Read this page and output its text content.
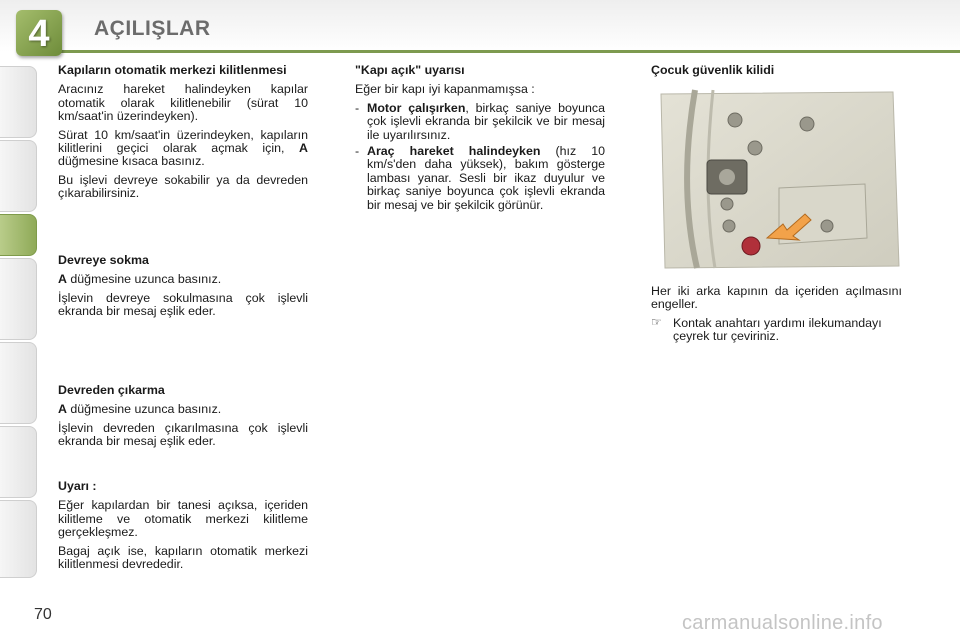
4	AÇILIŞLAR
Kapıların otomatik merkezi kilitlenmesi

Aracınız hareket halindeyken kapılar otomatik olarak kilitlenebilir (sürat 10 km/saat'in üzerindeyken).

Sürat 10 km/saat'in üzerindeyken, kapıların kilitlerini geçici olarak açmak için, A düğmesine kısaca basınız.

Bu işlevi devreye sokabilir ya da devreden çıkarabilirsiniz.

Devreye sokma

A düğmesine uzunca basınız.

İşlevin devreye sokulmasına çok işlevli ekranda bir mesaj eşlik eder.

Devreden çıkarma

A düğmesine uzunca basınız.

İşlevin devreden çıkarılmasına çok işlevli ekranda bir mesaj eşlik eder.

Uyarı :

Eğer kapılardan bir tanesi açıksa, içeriden kilitleme ve otomatik merkezi kilitleme gerçekleşmez.

Bagaj açık ise, kapıların otomatik merkezi kilitlenmesi devrededir.

"Kapı açık" uyarısı

Eğer bir kapı iyi kapanmamışsa :

- Motor çalışırken, birkaç saniye boyunca çok işlevli ekranda bir şekilcik ve bir mesaj ile uyarılırsınız.
- Araç hareket halindeyken (hız 10 km/s'den daha yüksek), bakım gösterge lambası yanar. Sesli bir ikaz duyulur ve birkaç saniye boyunca çok işlevli ekranda bir mesaj ve bir şekilcik görünür.
Çocuk güvenlik kilidi

Her iki arka kapının da içeriden açılmasını engeller.

☞ Kontak anahtarı yardımı ilekumandayı çeyrek tur çeviriniz.
70	carmanualsonline.info
